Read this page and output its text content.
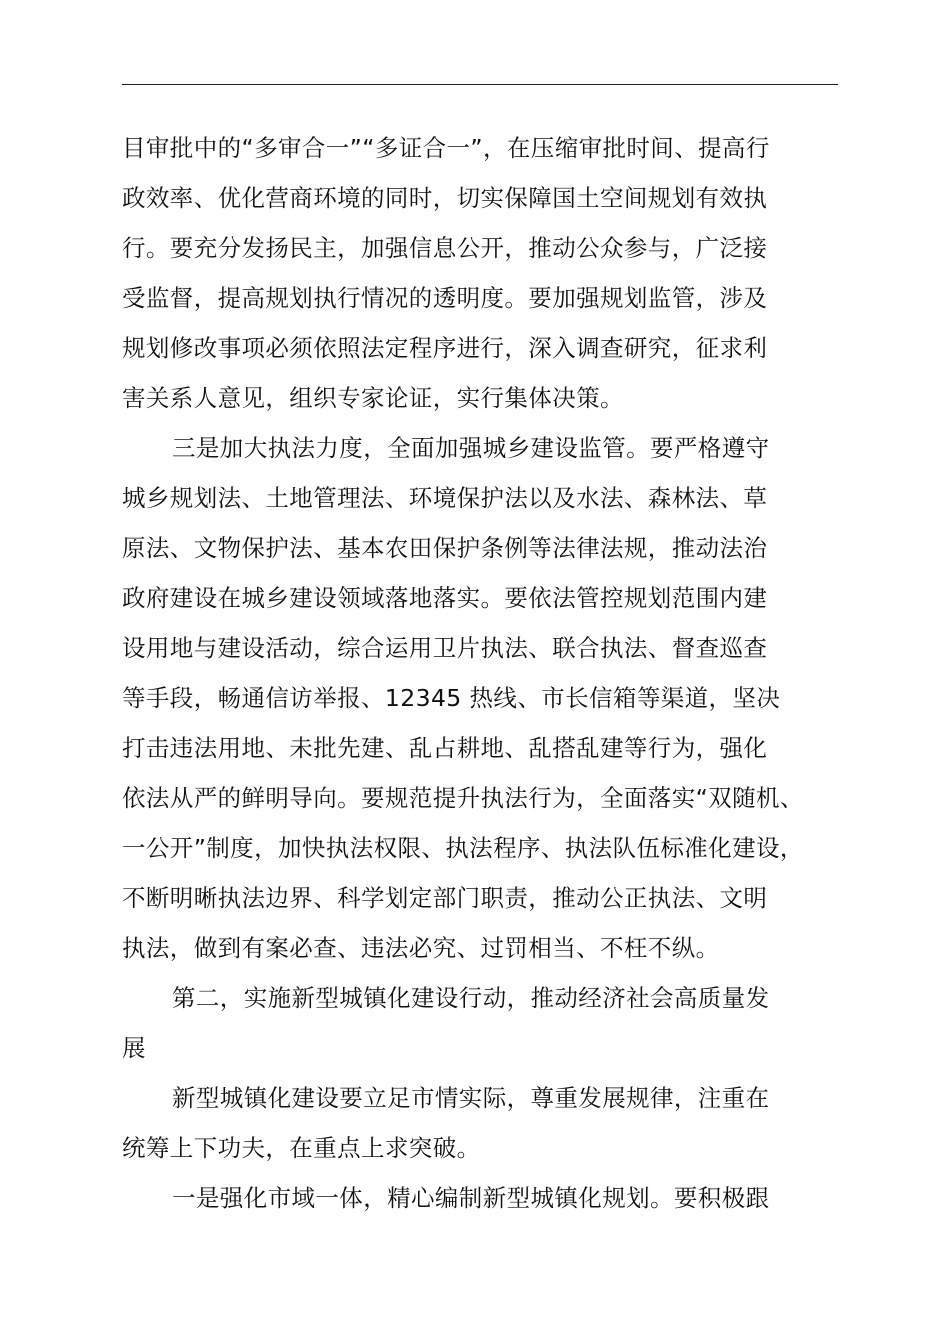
目审批中的“多审合一”“多证合一”，在压缩审批时间、提高行
政效率、优化营商环境的同时，切实保障国土空间规划有效执
行。要充分发扬民主，加强信息公开，推动公众参与，广泛接
受监督，提高规划执行情况的透明度。要加强规划监管，涉及
规划修改事项必须依照法定程序进行，深入调查研究，征求利
害关系人意见，组织专家论证，实行集体决策。
三是加大执法力度，全面加强城乡建设监管。要严格遵守
城乡规划法、土地管理法、环境保护法以及水法、森林法、草
原法、文物保护法、基本农田保护条例等法律法规，推动法治
政府建设在城乡建设领域落地落实。要依法管控规划范围内建
设用地与建设活动，综合运用卫片执法、联合执法、督查巡查
等手段，畅通信访举报、12345 热线、市长信箱等渠道，坚决
打击违法用地、未批先建、乱占耕地、乱搭乱建等行为，强化
依法从严的鲜明导向。要规范提升执法行为，全面落实“双随机、
一公开”制度，加快执法权限、执法程序、执法队伍标准化建设，
不断明晰执法边界、科学划定部门职责，推动公正执法、文明
执法，做到有案必查、违法必究、过罚相当、不枉不纵。
第二，实施新型城镇化建设行动，推动经济社会高质量发
展
新型城镇化建设要立足市情实际，尊重发展规律，注重在
统筹上下功夫，在重点上求突破。
一是强化市域一体，精心编制新型城镇化规划。要积极跟
